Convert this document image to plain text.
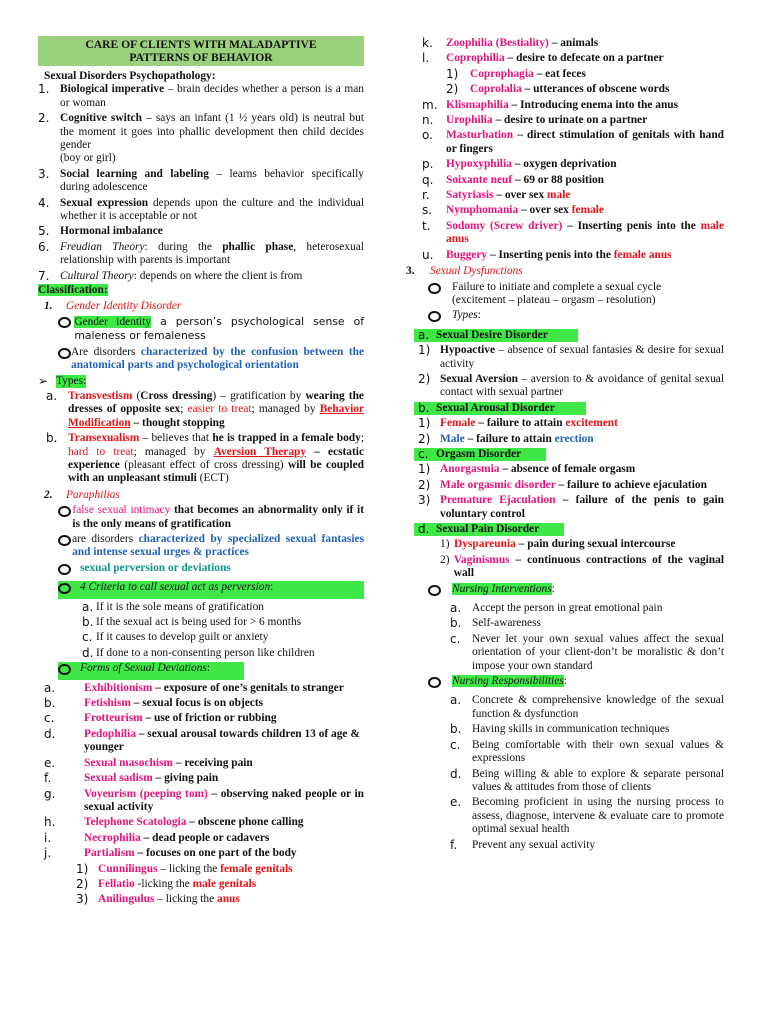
CARE OF CLIENTS WITH MALADAPTIVE
PATTERNS OF BEHAVIOR

Sexual Disorders Psychopathology:

1. Biological imperative – brain decides whether a person is a man or woman
2. Cognitive switch – says an infant (1 ½ years old) is neutral but the moment it goes into phallic development then child decides gender
(boy or girl)
3. Social learning and labeling – learns behavior specifically during adolescence
4. Sexual expression depends upon the culture and the individual whether it is acceptable or not
5. Hormonal imbalance
6. Freudian Theory: during the phallic phase, heterosexual relationship with parents is important
7. Cultural Theory: depends on where the client is from

Classification:

1.	Gender Identity Disorder
Gender identity a person’s psychological sense of maleness or femaleness
Are disorders characterized by the confusion between the anatomical parts and psychological orientation
➢ Types:
a. Transvestism (Cross dressing) – gratification by wearing the dresses of opposite sex; easier to treat; managed by Behavior Modification – thought stopping
b. Transexualism – believes that he is trapped in a female body; hard to treat; managed by Aversion Therapy – ecstatic experience (pleasant effect of cross dressing) will be coupled with an unpleasant stimuli (ECT)
2.	Paraphilias
false sexual intimacy that becomes an abnormality only if it is the only means of gratification
are disorders characterized by specialized sexual fantasies and intense sexual urges & practices
sexual perversion or deviations
4 Criteria to call sexual act as perversion :
a. If it is the sole means of gratification
b. If the sexual act is being used for > 6 months
c. If it causes to develop guilt or anxiety
d. If done to a non-consenting person like children
Forms of Sexual Deviations :
a.	Exhibitionism – exposure of one’s genitals to stranger
b.	Fetishism – sexual focus is on objects
c.	Frotteurism – use of friction or rubbing
d.	Pedophilia – sexual arousal towards children 13 of age & younger
e.	Sexual masochism – receiving pain
f.	Sexual sadism – giving pain
g.	Voyeurism (peeping tom) – observing naked people or in sexual activity
h.	Telephone Scatologia – obscene phone calling
i.	Necrophilia – dead people or cadavers
j.	Partialism – focuses on one part of the body
1) Cunnilingus – licking the female genitals
2) Fellatio -licking the male genitals
3) Anilingulus – licking the anus
k.	Zoophilia (Bestiality) – animals
l.	Coprophilia – desire to defecate on a partner
1)	Coprophagia – eat feces
2)	Coprolalia – utterances of obscene words
m. Klismaphilia – Introducing enema into the anus
n.	Urophilia – desire to urinate on a partner
o.	Masturbation – direct stimulation of genitals with hand or fingers
p.	Hypoxyphilia – oxygen deprivation
q.	Soixante neuf – 69 or 88 position
r.	Satyriasis – over sex male
s.	Nymphomania – over sex female
t.	Sodomy (Screw driver) – Inserting penis into the male anus
u.	Buggery – Inserting penis into the female anus
3.	Sexual Dysfunctions
Failure to initiate and complete a sexual cycle
(excitement – plateau – orgasm – resolution)
Types:
a. Sexual Desire Disorder
1) Hypoactive – absence of sexual fantasies & desire for sexual activity
2) Sexual Aversion – aversion to & avoidance of genital sexual contact with sexual partner
b. Sexual Arousal Disorder
1) Female – failure to attain excitement
2) Male – failure to attain erection
c. Orgasm Disorder
1) Anorgasmia – absence of female orgasm
2) Male orgasmic disorder – failure to achieve ejaculation
3) Premature Ejaculation – failure of the penis to gain voluntary control
d. Sexual Pain Disorder
1) Dyspareunia – pain during sexual intercourse
2) Vaginismus – continuous contractions of the vaginal wall
Nursing Interventions:
a. Accept the person in great emotional pain
b. Self-awareness
c.	Never let your own sexual values affect the sexual orientation of your client-don’t be moralistic & don’t impose your own standard
Nursing Responsibilities:
a. Concrete & comprehensive knowledge of the sexual function & dysfunction
b. Having skills in communication techniques
c.	Being comfortable with their own sexual values & expressions
d. Being willing & able to explore & separate personal values & attitudes from those of clients
e. Becoming proficient in using the nursing process to assess, diagnose, intervene & evaluate care to promote optimal sexual health
f.	Prevent any sexual activity
